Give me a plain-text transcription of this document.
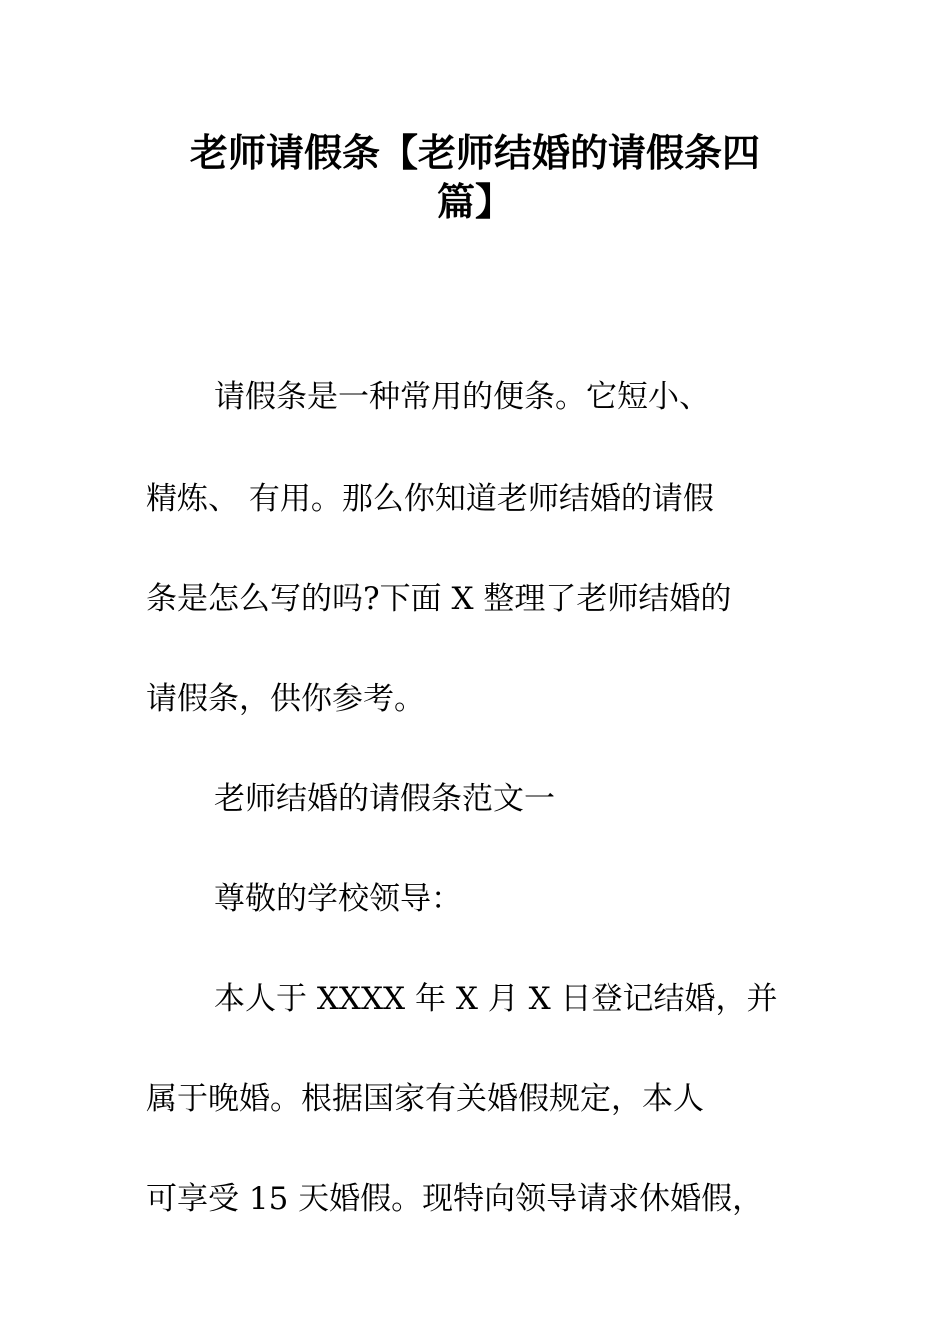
老师请假条【老师结婚的请假条四
篇】
请假条是一种常用的便条。它短小、
精炼、 有用。那么你知道老师结婚的请假
条是怎么写的吗?下面 X 整理了老师结婚的
请假条，供你参考。
老师结婚的请假条范文一
尊敬的学校领导：
本人于 XXXX 年 X 月 X 日登记结婚，并
属于晚婚。根据国家有关婚假规定，本人
可享受 15 天婚假。现特向领导请求休婚假，
